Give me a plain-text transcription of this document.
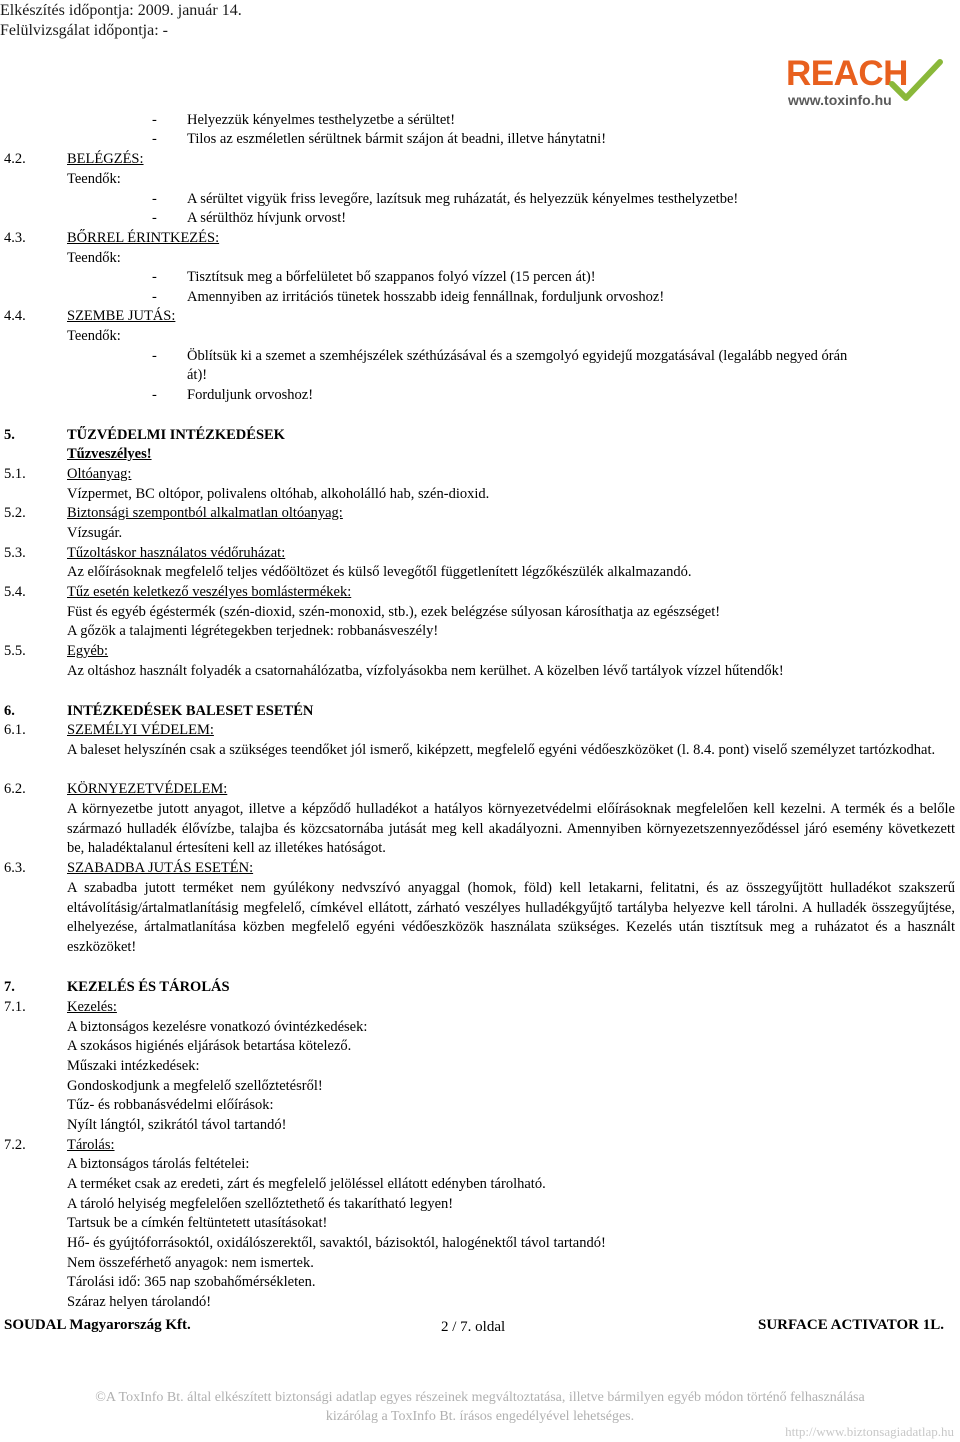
Elkészítés időpontja: 2009. január 14.
Felülvizsgálat időpontja: -
REACH
www.toxinfo.hu
- Helyezzük kényelmes testhelyzetbe a sérültet!
- Tilos az eszméletlen sérültnek bármit szájon át beadni, illetve hánytatni!
4.2.	BELÉGZÉS:
Teendők:
- A sérültet vigyük friss levegőre, lazítsuk meg ruházatát, és helyezzük kényelmes testhelyzetbe!
- A sérülthöz hívjunk orvost!
4.3.	BŐRREL ÉRINTKEZÉS:
Teendők:
- Tisztítsuk meg a bőrfelületet bő szappanos folyó vízzel (15 percen át)!
- Amennyiben az irritációs tünetek hosszabb ideig fennállnak, forduljunk orvoshoz!
4.4.	SZEMBE JUTÁS:
Teendők:
- Öblítsük ki a szemet a szemhéjszélek széthúzásával és a szemgolyó egyidejű mozgatásával (legalább negyed órán
át)!
- Forduljunk orvoshoz!
5.	TŰZVÉDELMI INTÉZKEDÉSEK
Tűzveszélyes!
5.1.	Oltóanyag:
Vízpermet, BC oltópor, polivalens oltóhab, alkoholálló hab, szén-dioxid.
5.2.	Biztonsági szempontból alkalmatlan oltóanyag:
Vízsugár.
5.3.	Tűzoltáskor használatos védőruházat:
Az előírásoknak megfelelő teljes védőöltözet és külső levegőtől függetlenített légzőkészülék alkalmazandó.
5.4.	Tűz esetén keletkező veszélyes bomlástermékek:
Füst és egyéb égéstermék (szén-dioxid, szén-monoxid, stb.), ezek belégzése súlyosan károsíthatja az egészséget!
A gőzök a talajmenti légrétegekben terjednek: robbanásveszély!
5.5.	Egyéb:
Az oltáshoz használt folyadék a csatornahálózatba, vízfolyásokba nem kerülhet. A közelben lévő tartályok vízzel hűtendők!
6.	INTÉZKEDÉSEK BALESET ESETÉN
6.1.	SZEMÉLYI VÉDELEM:
A baleset helyszínén csak a szükséges teendőket jól ismerő, kiképzett, megfelelő egyéni védőeszközöket (l. 8.4. pont) viselő személyzet tartózkodhat.
6.2.	KÖRNYEZETVÉDELEM:
A környezetbe jutott anyagot, illetve a képződő hulladékot a hatályos környezetvédelmi előírásoknak megfelelően kell kezelni. A termék és a belőle származó hulladék élővízbe, talajba és közcsatornába jutását meg kell akadályozni. Amennyiben környezetszennyeződéssel járó esemény következett be, haladéktalanul értesíteni kell az illetékes hatóságot.
6.3.	SZABADBA JUTÁS ESETÉN:
A szabadba jutott terméket nem gyúlékony nedvszívó anyaggal (homok, föld) kell letakarni, felitatni, és az összegyűjtött hulladékot szakszerű eltávolításig/ártalmatlanításig megfelelő, címkével ellátott, zárható veszélyes hulladékgyűjtő tartályba helyezve kell tárolni. A hulladék összegyűjtése, elhelyezése, ártalmatlanítása közben megfelelő egyéni védőeszközök használata szükséges. Kezelés után tisztítsuk meg a ruházatot és a használt eszközöket!
7.	KEZELÉS ÉS TÁROLÁS
7.1.	Kezelés:
A biztonságos kezelésre vonatkozó óvintézkedések:
A szokásos higiénés eljárások betartása kötelező.
Műszaki intézkedések:
Gondoskodjunk a megfelelő szellőztetésről!
Tűz- és robbanásvédelmi előírások:
Nyílt lángtól, szikrától távol tartandó!
7.2.	Tárolás:
A biztonságos tárolás feltételei:
A terméket csak az eredeti, zárt és megfelelő jelöléssel ellátott edényben tárolható.
A tároló helyiség megfelelően szellőztethető és takarítható legyen!
Tartsuk be a címkén feltüntetett utasításokat!
Hő- és gyújtóforrásoktól, oxidálószerektől, savaktól, bázisoktól, halogénektől távol tartandó!
Nem összeférhető anyagok: nem ismertek.
Tárolási idő: 365 nap szobahőmérsékleten.
Száraz helyen tárolandó!
SOUDAL Magyarország Kft.	2 / 7. oldal	SURFACE ACTIVATOR 1L.
©A ToxInfo Bt. által elkészített biztonsági adatlap egyes részeinek megváltoztatása, illetve bármilyen egyéb módon történő felhasználása
kizárólag a ToxInfo Bt. írásos engedélyével lehetséges.
http://www.biztonsagiadatlap.hu
